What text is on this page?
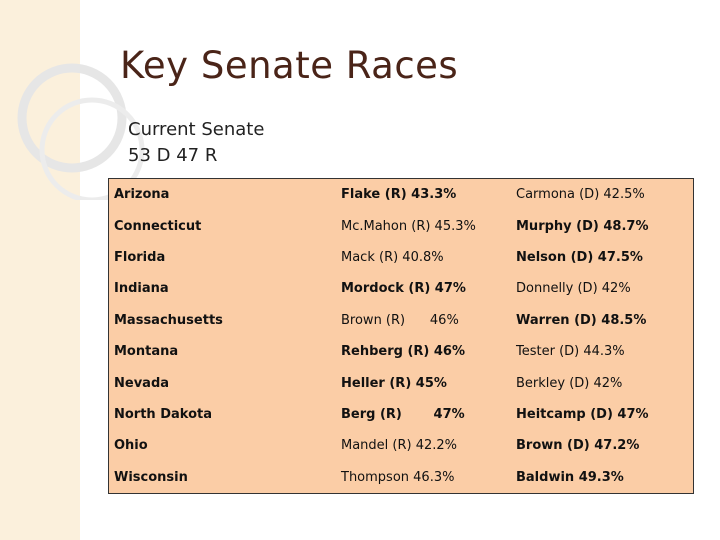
Key Senate Races
Current Senate
53 D 47 R
Arizona	Flake (R) 43.3%	Carmona (D) 42.5%
Connecticut	Mc.Mahon (R) 45.3%	Murphy (D) 48.7%
Florida	Mack (R) 40.8%	Nelson (D) 47.5%
Indiana	Mordock (R) 47%	Donnelly (D) 42%
Massachusetts	Brown (R)      46%	Warren (D) 48.5%
Montana	Rehberg (R) 46%	Tester (D) 44.3%
Nevada	Heller (R) 45%	Berkley (D) 42%
North Dakota	Berg (R)       47%	Heitcamp (D) 47%
Ohio	Mandel (R) 42.2%	Brown (D) 47.2%
Wisconsin	Thompson 46.3%	Baldwin 49.3%
